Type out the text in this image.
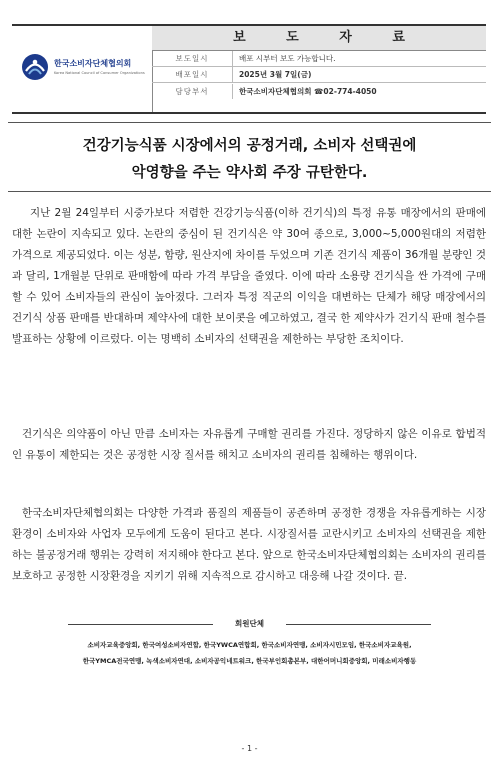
한국소비자단체협의회
Korea National Council of Consumer Organizations
보 도 자 료
보도일시	배포 시부터 보도 가능합니다.
배포일시	2025년 3월 7일(금)
담당부서	한국소비자단체협의회 ☎02-774-4050
건강기능식품 시장에서의 공정거래, 소비자 선택권에
악영향을 주는 약사회 주장 규탄한다.
지난 2월 24일부터 시중가보다 저렴한 건강기능식품(이하 건기식)의 특정 유통 매장에서의 판매에 대한 논란이 지속되고 있다. 논란의 중심이 된 건기식은 약 30여 종으로, 3,000~5,000원대의 저렴한 가격으로 제공되었다. 이는 성분, 함량, 원산지에 차이를 두었으며 기존 건기식 제품이 36개월 분량인 것과 달리, 1개월분 단위로 판매함에 따라 가격 부담을 줄였다. 이에 따라 소용량 건기식을 싼 가격에 구매할 수 있어 소비자들의 관심이 높아졌다. 그러자 특정 직군의 이익을 대변하는 단체가 해당 매장에서의 건기식 상품 판매를 반대하며 제약사에 대한 보이콧을 예고하였고, 결국 한 제약사가 건기식 판매 철수를 발표하는 상황에 이르렀다. 이는 명백히 소비자의 선택권을 제한하는 부당한 조치이다.
건기식은 의약품이 아닌 만큼 소비자는 자유롭게 구매할 권리를 가진다. 정당하지 않은 이유로 합법적인 유통이 제한되는 것은 공정한 시장 질서를 해치고 소비자의 권리를 침해하는 행위이다.
한국소비자단체협의회는 다양한 가격과 품질의 제품들이 공존하며 공정한 경쟁을 자유롭게하는 시장 환경이 소비자와 사업자 모두에게 도움이 된다고 본다. 시장질서를 교란시키고 소비자의 선택권을 제한하는 불공정거래 행위는 강력히 저지해야 한다고 본다. 앞으로 한국소비자단체협의회는 소비자의 권리를 보호하고 공정한 시장환경을 지키기 위해 지속적으로 감시하고 대응해 나갈 것이다. 끝.
회원단체
소비자교육중앙회, 한국여성소비자연합, 한국YWCA연합회, 한국소비자연맹, 소비자시민모임, 한국소비자교육원,
한국YMCA전국연맹, 녹색소비자연대, 소비자공익네트워크, 한국부인회총본부, 대한어머니회중앙회, 미래소비자행동
- 1 -
